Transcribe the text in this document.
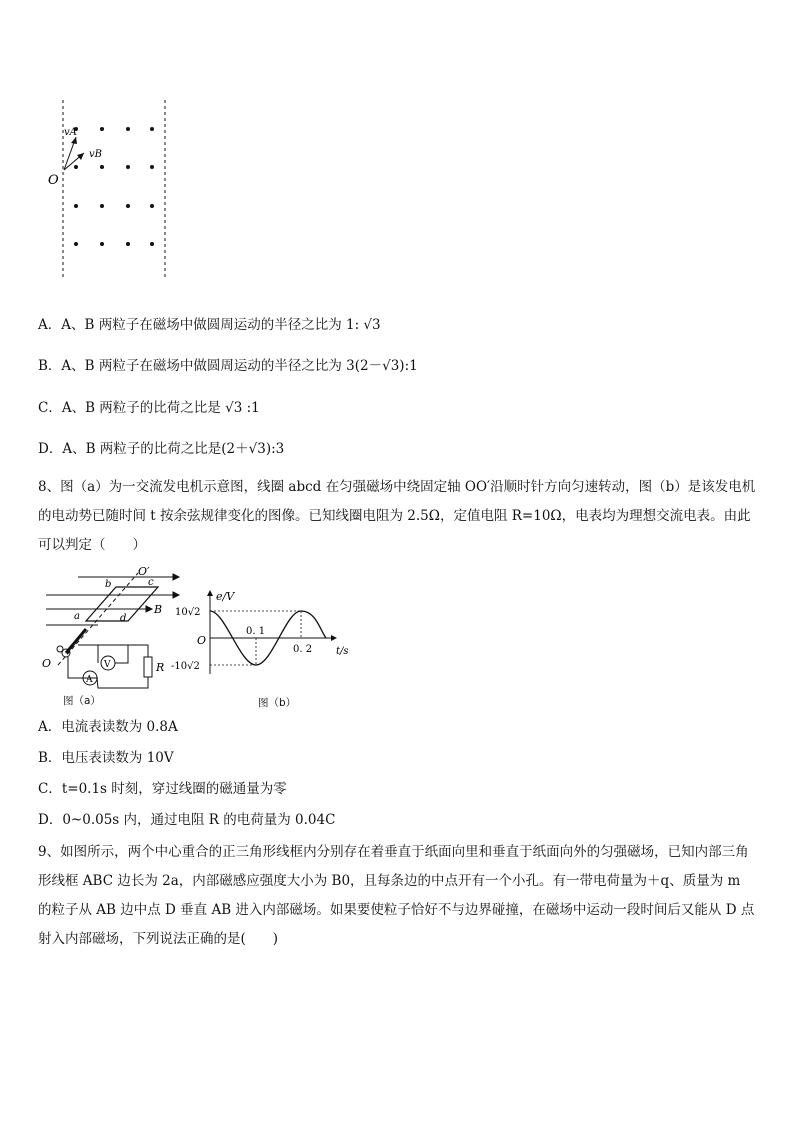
vA
vB
O
A．A、B 两粒子在磁场中做圆周运动的半径之比为 1: √3
B．A、B 两粒子在磁场中做圆周运动的半径之比为 3(2－√3):1
C．A、B 两粒子的比荷之比是 √3 :1
D．A、B 两粒子的比荷之比是(2＋√3):3
8、图（a）为一交流发电机示意图，线圈 abcd 在匀强磁场中绕固定轴 OO′沿顺时针方向匀速转动，图（b）是该发电机的电动势已随时间 t 按余弦规律变化的图像。已知线圈电阻为 2.5Ω，定值电阻 R=10Ω，电表均为理想交流电表。由此可以判定（　　）
V
A
R
O′
b	c
a	d
B
O
图（a）
e/V
t/s
10√2
-10√2
O
0. 1
0. 2
图（b）
A．电流表读数为 0.8A
B．电压表读数为 10V
C．t=0.1s 时刻，穿过线圈的磁通量为零
D．0~0.05s 内，通过电阻 R 的电荷量为 0.04C
9、如图所示，两个中心重合的正三角形线框内分别存在着垂直于纸面向里和垂直于纸面向外的匀强磁场，已知内部三角形线框 ABC 边长为 2a，内部磁感应强度大小为 B0，且每条边的中点开有一个小孔。有一带电荷量为＋q、质量为 m 的粒子从 AB 边中点 D 垂直 AB 进入内部磁场。如果要使粒子恰好不与边界碰撞，在磁场中运动一段时间后又能从 D 点射入内部磁场，下列说法正确的是(　　)
